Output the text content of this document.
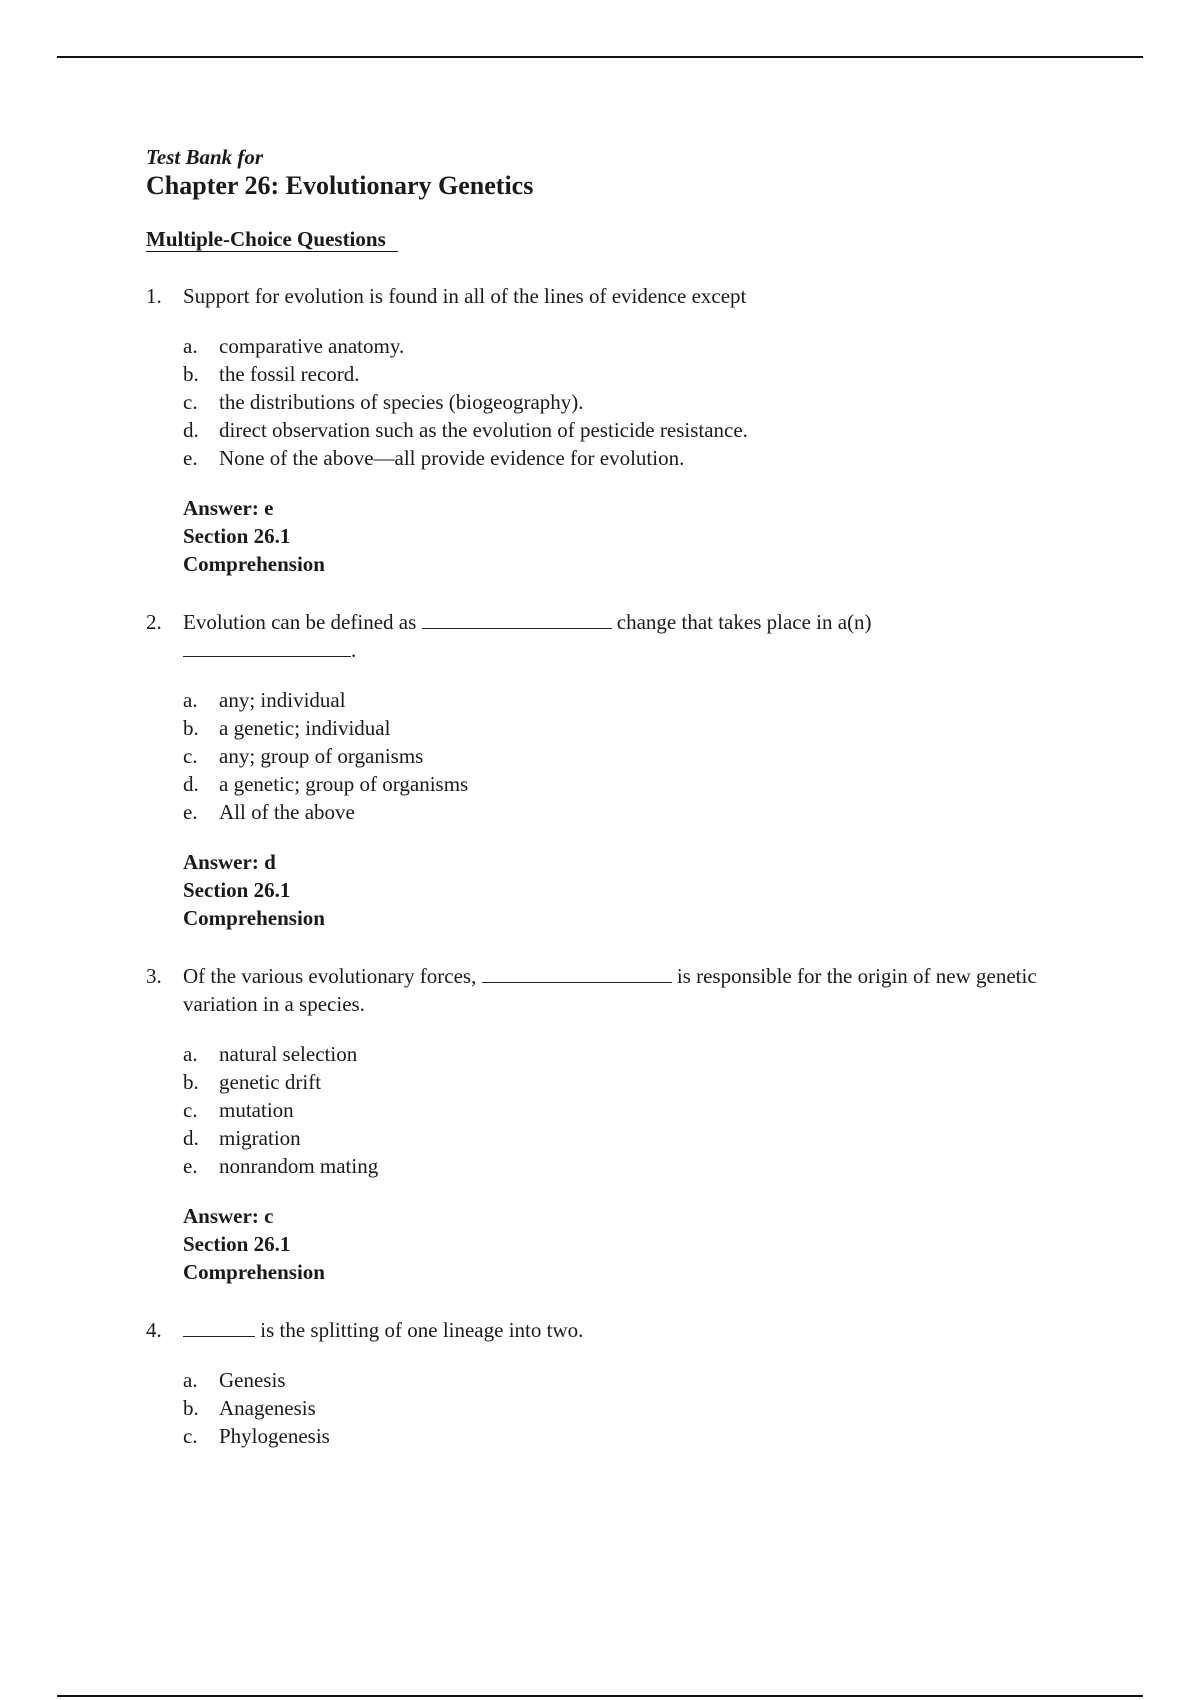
Test Bank for
Chapter 26: Evolutionary Genetics
Multiple-Choice Questions
1.	Support for evolution is found in all of the lines of evidence except
a.	comparative anatomy.
b. the fossil record.
c.	the distributions of species (biogeography).
d. direct observation such as the evolution of pesticide resistance.
e.	None of the above—all provide evidence for evolution.
Answer: e
Section 26.1
Comprehension
2.	Evolution can be defined as	change that takes place in a(n)
.
a.	any; individual
b. a genetic; individual
c.	any; group of organisms
d. a genetic; group of organisms
e.	All of the above
Answer: d
Section 26.1
Comprehension
3.	Of the various evolutionary forces,	is responsible for the origin of new genetic variation in a species.
a.	natural selection
b. genetic drift
c.	mutation
d. migration
e.	nonrandom mating
Answer: c
Section 26.1
Comprehension
4.	is the splitting of one lineage into two.
a.	Genesis
b. Anagenesis
c.	Phylogenesis
